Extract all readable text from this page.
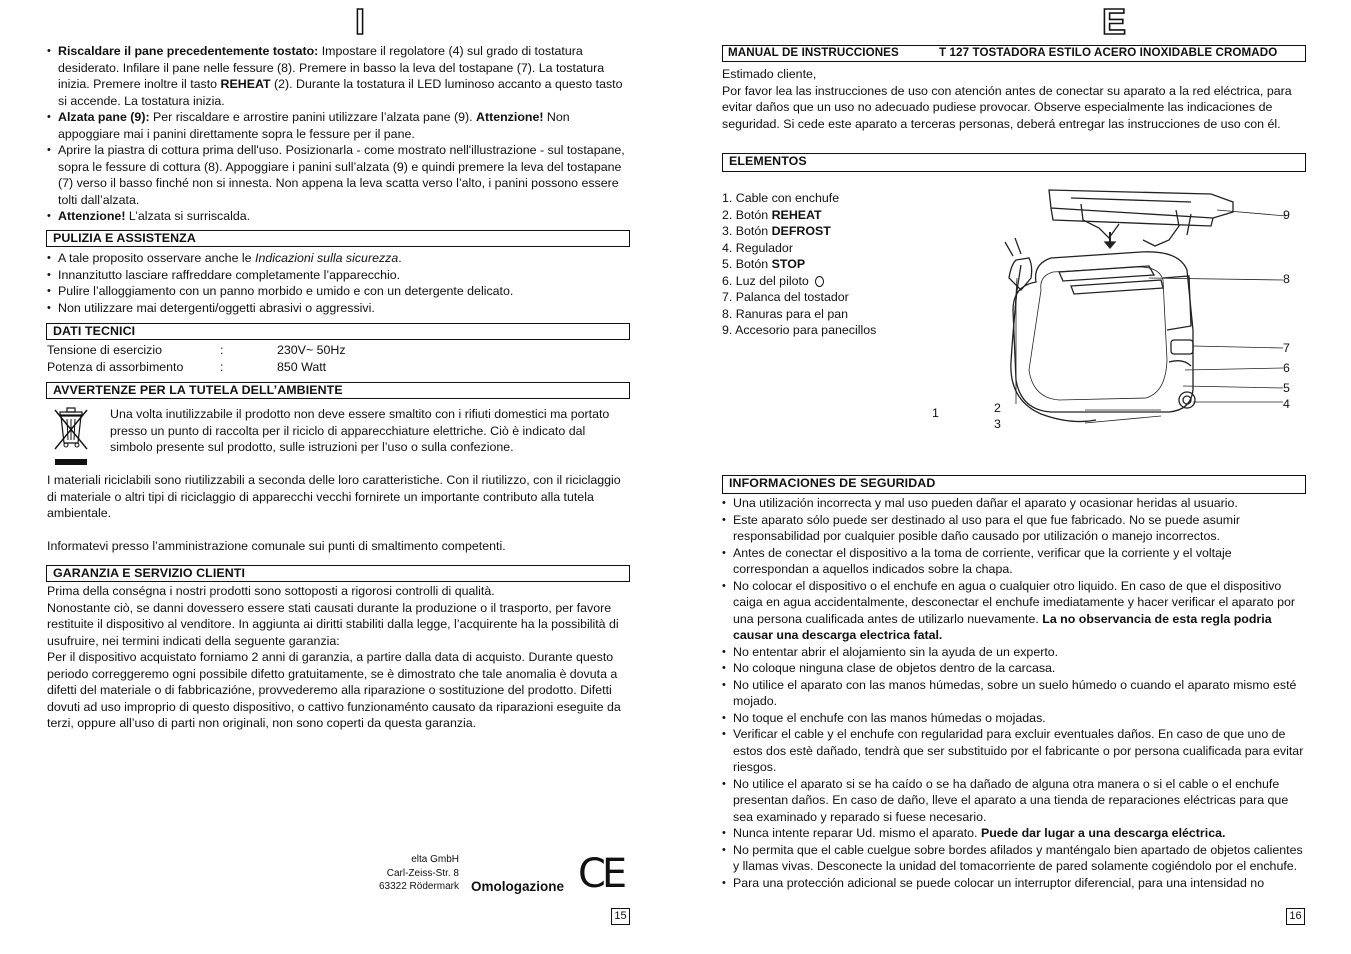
I

• Riscaldare il pane precedentemente tostato: Impostare il regolatore (4) sul grado di tostatura desiderato. Infilare il pane nelle fessure (8). Premere in basso la leva del tostapane (7). La tostatura inizia. Premere inoltre il tasto REHEAT (2). Durante la tostatura il LED luminoso accanto a questo tasto si accende. La tostatura inizia.

• Alzata pane (9): Per riscaldare e arrostire panini utilizzare l’alzata pane (9). Attenzione! Non appoggiare mai i panini direttamente sopra le fessure per il pane.

• Aprire la piastra di cottura prima dell'uso. Posizionarla - come mostrato nell'illustrazione - sul tostapane, sopra le fessure di cottura (8). Appoggiare i panini sull’alzata (9) e quindi premere la leva del tostapane (7) verso il basso finché non si innesta. Non appena la leva scatta verso l’alto, i panini possono essere tolti dall’alzata.

• Attenzione! L’alzata si surriscalda.

PULIZIA E ASSISTENZA

• A tale proposito osservare anche le Indicazioni sulla sicurezza.

• Innanzitutto lasciare raffreddare completamente l’apparecchio.

• Pulire l’alloggiamento con un panno morbido e umido e con un detergente delicato.

• Non utilizzare mai detergenti/oggetti abrasivi o aggressivi.

DATI TECNICI
Tensione di esercizio	:	230V~ 50Hz
Potenza di assorbimento	:	850 Watt
AVVERTENZE PER LA TUTELA DELL’AMBIENTE
Una volta inutilizzabile il prodotto non deve essere smaltito con i rifiuti domestici ma portato presso un punto di raccolta per il riciclo di apparecchiature elettriche. Ciò è indicato dal simbolo presente sul prodotto, sulle istruzioni per l’uso o sulla confezione.
I materiali riciclabili sono riutilizzabili a seconda delle loro caratteristiche. Con il riutilizzo, con il riciclaggio di materiale o altri tipi di riciclaggio di apparecchi vecchi fornirete un importante contributo alla tutela ambientale.
Informatevi presso l’amministrazione comunale sui punti di smaltimento competenti.
GARANZIA E SERVIZIO CLIENTI
Prima della conségna i nostri prodotti sono sottoposti a rigorosi controlli di qualità.
Nonostante ciò, se danni dovessero essere stati causati durante la produzione o il trasporto, per favore restituite il dispositivo al venditore. In aggiunta ai diritti stabiliti dalla legge, l’acquirente ha la possibilità di usufruire, nei termini indicati della seguente garanzia:
Per il dispositivo acquistato forniamo 2 anni di garanzia, a partire dalla data di acquisto. Durante questo periodo correggeremo ogni possibile difetto gratuitamente, se è dimostrato che tale anomalia è dovuta a difetti del materiale o di fabbricazióne, provvederemo alla riparazione o sostituzione del prodotto. Difetti dovuti ad uso improprio di questo dispositivo, o cattivo funzionaménto causato da riparazioni eseguite da terzi, oppure all’uso di parti non originali, non sono coperti da questa garanzia.
elta GmbH
Carl-Zeiss-Str. 8
63322 Rödermark Omologazione CE
15
E
MANUAL DE INSTRUCCIONES	T 127 TOSTADORA ESTILO ACERO INOXIDABLE CROMADO
Estimado cliente,
Por favor lea las instrucciones de uso con atención antes de conectar su aparato a la red eléctrica, para evitar daños que un uso no adecuado pudiese provocar. Observe especialmente las indicaciones de seguridad. Si cede este aparato a terceras personas, deberá entregar las instrucciones de uso con él.
ELEMENTOS
1. Cable con enchufe
2. Botón REHEAT
3. Botón DEFROST
4. Regulador
5. Botón STOP
6. Luz del piloto
7. Palanca del tostador
8. Ranuras para el pan
9. Accesorio para panecillos
9
8
7
6
5
4
1	2
3
INFORMACIONES DE SEGURIDAD

• Una utilización incorrecta y mal uso pueden dañar el aparato y ocasionar heridas al usuario.

• Este aparato sólo puede ser destinado al uso para el que fue fabricado. No se puede asumir responsabilidad por cualquier posible daño causado por utilización o manejo incorrectos.

• Antes de conectar el dispositivo a la toma de corriente, verificar que la corriente y el voltaje correspondan a aquellos indicados sobre la chapa.

• No colocar el dispositivo o el enchufe en agua o cualquier otro liquido. En caso de que el dispositivo caiga en agua accidentalmente, desconectar el enchufe imediatamente y hacer verificar el aparato por una persona cualificada antes de utilizarlo nuevamente. La no observancia de esta regla podria causar una descarga electrica fatal.

• No ententar abrir el alojamiento sin la ayuda de un experto.

• No coloque ninguna clase de objetos dentro de la carcasa.

• No utilice el aparato con las manos húmedas, sobre un suelo húmedo o cuando el aparato mismo esté mojado.

• No toque el enchufe con las manos húmedas o mojadas.

• Verificar el cable y el enchufe con regularidad para excluir eventuales daños. En caso de que uno de estos dos estè dañado, tendrà que ser substituido por el fabricante o por persona cualificada para evitar riesgos.

• No utilice el aparato si se ha caído o se ha dañado de alguna otra manera o si el cable o el enchufe presentan daños. En caso de daño, lleve el aparato a una tienda de reparaciones eléctricas para que sea examinado y reparado si fuese necesario.

• Nunca intente reparar Ud. mismo el aparato. Puede dar lugar a una descarga eléctrica.

• No permita que el cable cuelgue sobre bordes afilados y manténgalo bien apartado de objetos calientes y llamas vivas. Desconecte la unidad del tomacorriente de pared solamente cogiéndolo por el enchufe.

• Para una protección adicional se puede colocar un interruptor diferencial, para una intensidad no

16
